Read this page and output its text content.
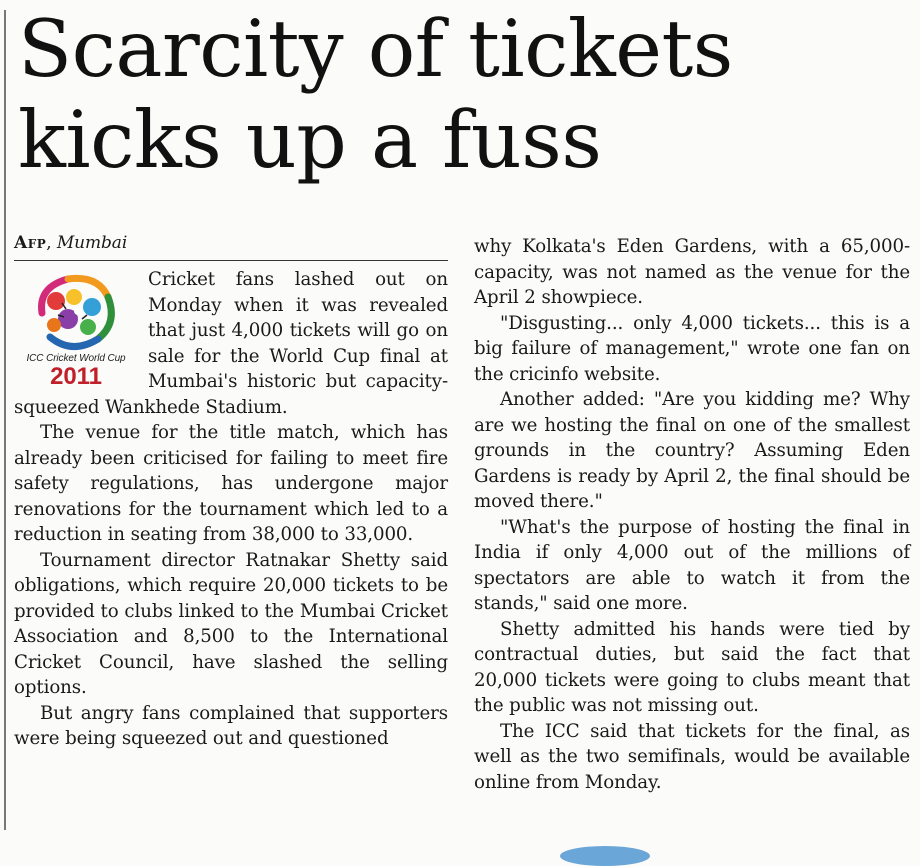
Scarcity of tickets
kicks up a fuss
Afp, Mumbai
ICC Cricket World Cup
2011

Cricket fans lashed out on Monday when it was revealed that just 4,000 tickets will go on sale for the World Cup final at Mumbai's historic but capacity-squeezed Wankhede Stadium.

The venue for the title match, which has already been criticised for failing to meet fire safety regulations, has undergone major renovations for the tournament which led to a reduction in seating from 38,000 to 33,000.

Tournament director Ratnakar Shetty said obligations, which require 20,000 tickets to be provided to clubs linked to the Mumbai Cricket Association and 8,500 to the International Cricket Council, have slashed the selling options.

But angry fans complained that supporters were being squeezed out and questioned

why Kolkata's Eden Gardens, with a 65,000-capacity, was not named as the venue for the April 2 showpiece.

"Disgusting... only 4,000 tickets... this is a big failure of management," wrote one fan on the cricinfo website.

Another added: "Are you kidding me? Why are we hosting the final on one of the smallest grounds in the country? Assuming Eden Gardens is ready by April 2, the final should be moved there."

"What's the purpose of hosting the final in India if only 4,000 out of the millions of spectators are able to watch it from the stands," said one more.

Shetty admitted his hands were tied by contractual duties, but said the fact that 20,000 tickets were going to clubs meant that the public was not missing out.

The ICC said that tickets for the final, as well as the two semifinals, would be available online from Monday.
